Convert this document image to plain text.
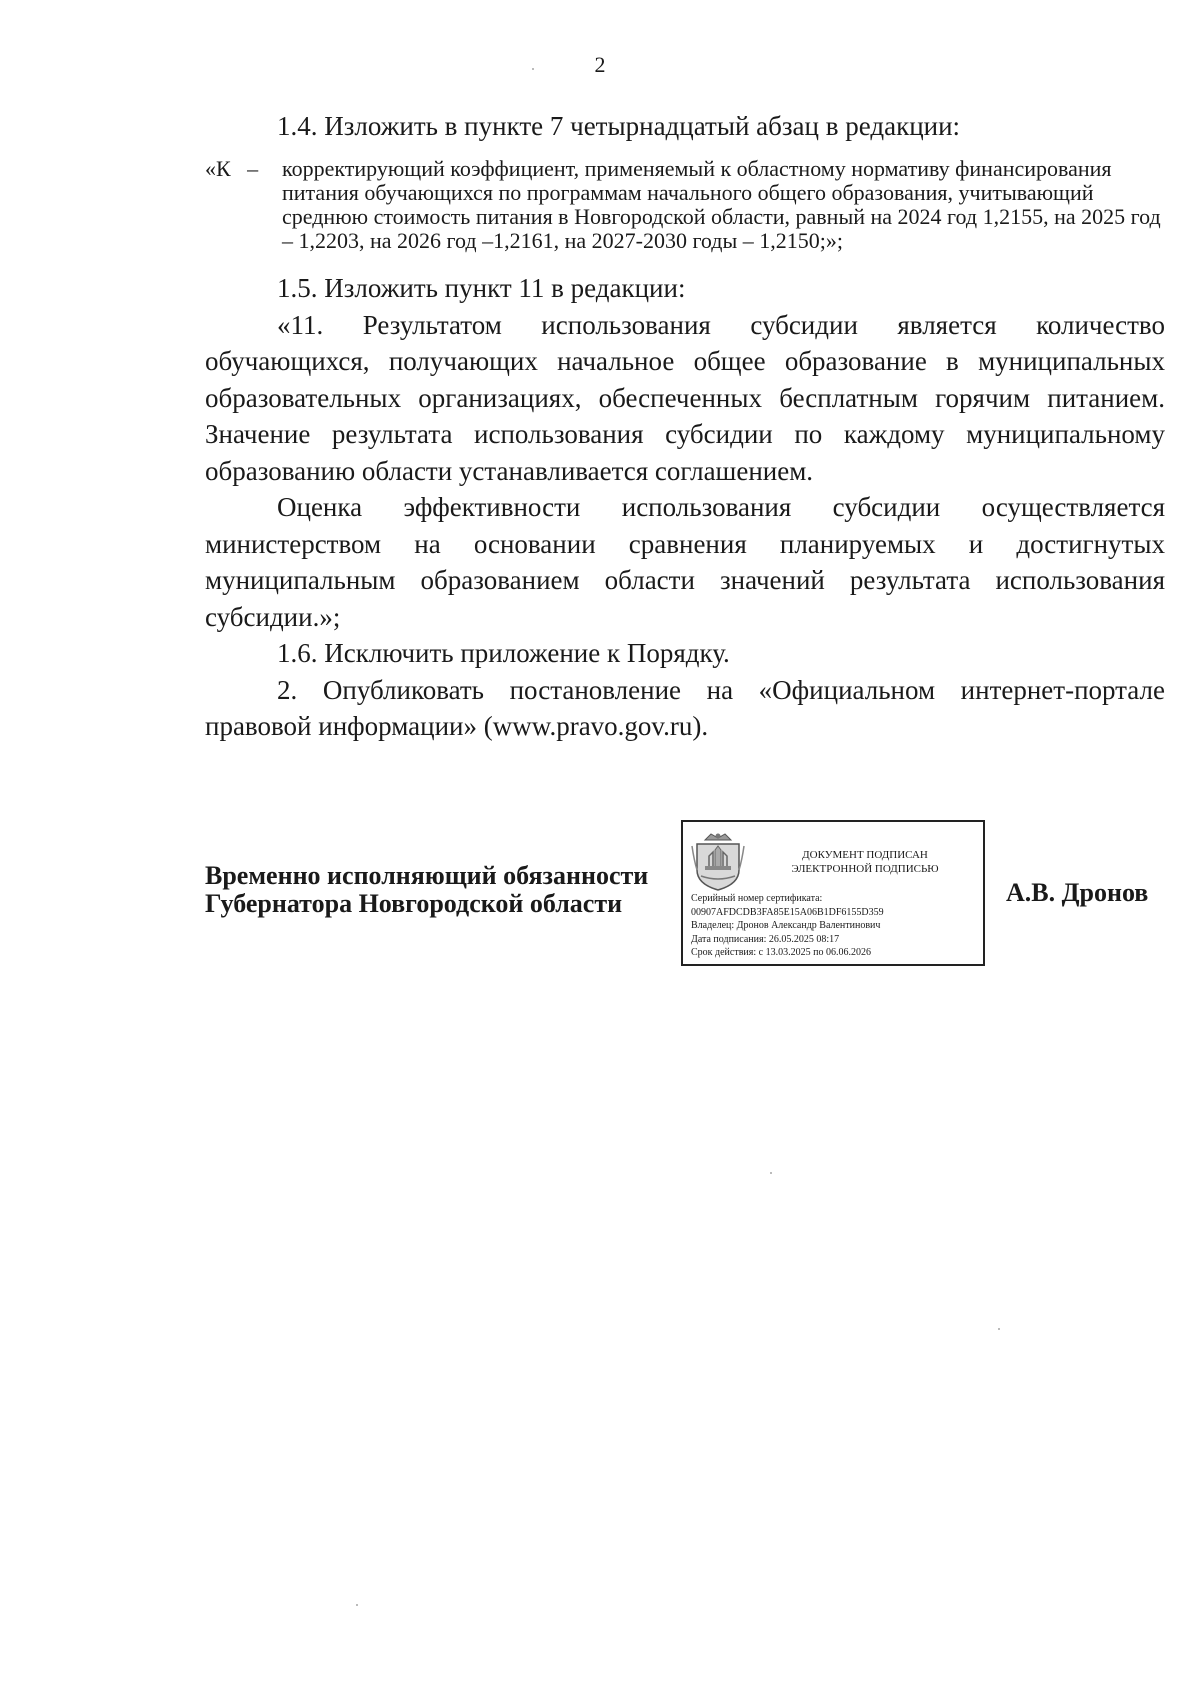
2

1.4. Изложить в пункте 7 четырнадцатый абзац в редакции:

«К   – корректирующий коэффициент, применяемый к областному нормативу финансирования питания обучающихся по программам начального общего образования, учитывающий среднюю стоимость питания в Новгородской области, равный на 2024 год 1,2155, на 2025 год – 1,2203, на 2026 год –1,2161, на 2027-2030 годы – 1,2150;»;

1.5. Изложить пункт 11 в редакции:

«11. Результатом использования субсидии является количество обучающихся, получающих начальное общее образование в муниципальных образовательных организациях, обеспеченных бесплатным горячим питанием. Значение результата использования субсидии по каждому муниципальному образованию области устанавливается соглашением.

Оценка эффективности использования субсидии осуществляется министерством на основании сравнения планируемых и достигнутых муниципальным образованием области значений результата использования субсидии.»;

1.6. Исключить приложение к Порядку.

2. Опубликовать постановление на «Официальном интернет-портале правовой информации» (www.pravo.gov.ru).

Временно исполняющий обязанности

Губернатора Новгородской области

ДОКУМЕНТ ПОДПИСАН
ЭЛЕКТРОННОЙ ПОДПИСЬЮ

Серийный номер сертификата:

00907AFDCDB3FA85E15A06B1DF6155D359

Владелец: Дронов Александр Валентинович

Дата подписания: 26.05.2025 08:17

Срок действия: с 13.03.2025 по 06.06.2026

А.В. Дронов
